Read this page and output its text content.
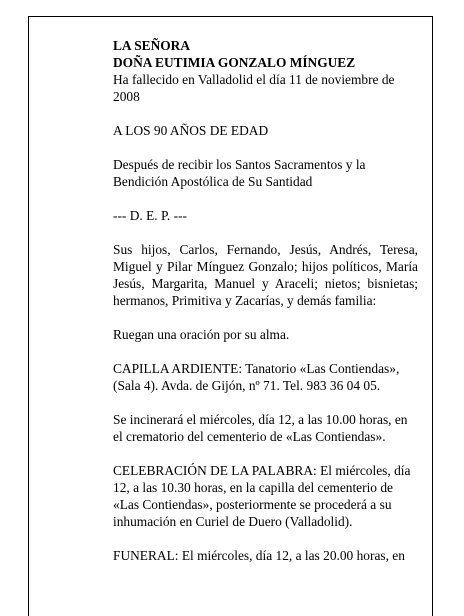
LA SEÑORA
DOÑA EUTIMIA GONZALO MÍNGUEZ
Ha fallecido en Valladolid el día 11 de noviembre de 2008

A LOS 90 AÑOS DE EDAD

Después de recibir los Santos Sacramentos y la Bendición Apostólica de Su Santidad

--- D. E. P. ---

Sus hijos, Carlos, Fernando, Jesús, Andrés, Teresa, Miguel y Pilar Mínguez Gonzalo; hijos políticos, María Jesús, Margarita, Manuel y Araceli; nietos; bisnietas; hermanos, Primitiva y Zacarías, y demás familia:

Ruegan una oración por su alma.

CAPILLA ARDIENTE: Tanatorio «Las Contiendas», (Sala 4). Avda. de Gijón, nº 71. Tel. 983 36 04 05.

Se incinerará el miércoles, día 12, a las 10.00 horas, en el crematorio del cementerio de «Las Contiendas».

CELEBRACIÓN DE LA PALABRA: El miércoles, día 12, a las 10.30 horas, en la capilla del cementerio de «Las Contiendas», posteriormente se procederá a su inhumación en Curiel de Duero (Valladolid).

FUNERAL: El miércoles, día 12, a las 20.00 horas, en
